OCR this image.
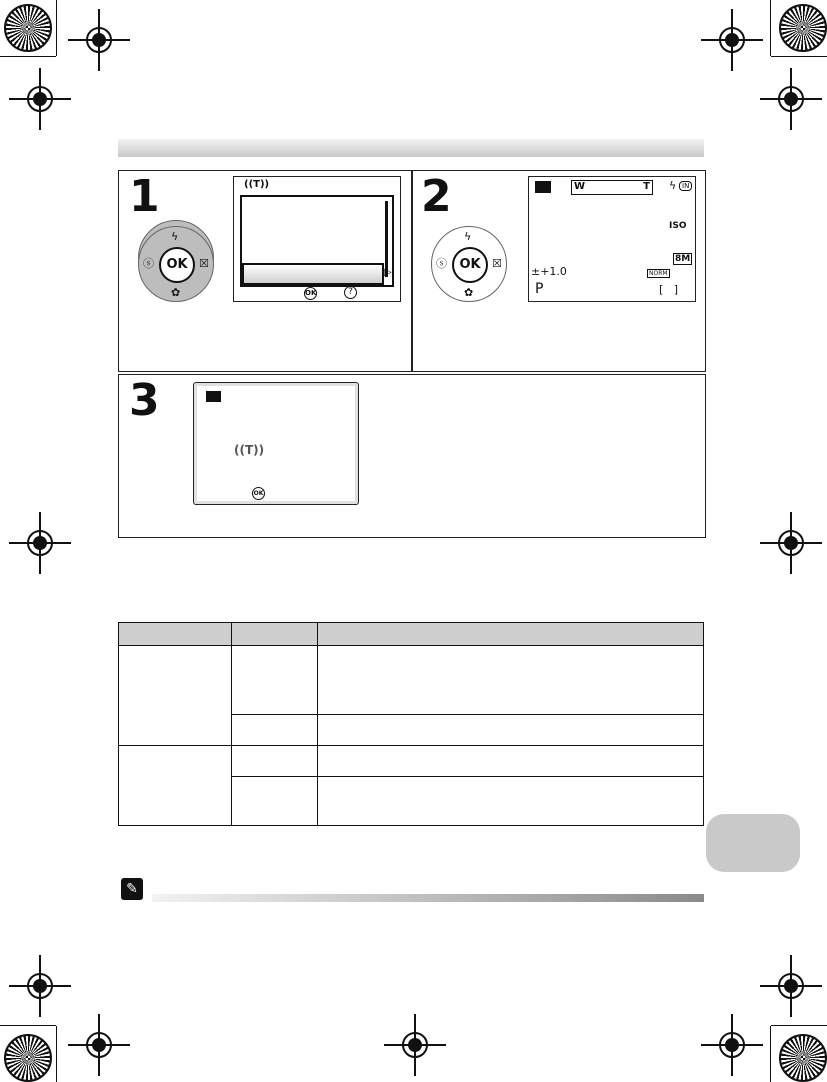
1
ϟ
ⓢ	☒
✿
OK
((T))
▷
OK	?
2
ϟ
ⓢ	☒
✿
OK
W	T ϟ IN
ISO
8M
±+1.0	NORM
P	[   ]
3
((T))
OK

✎
